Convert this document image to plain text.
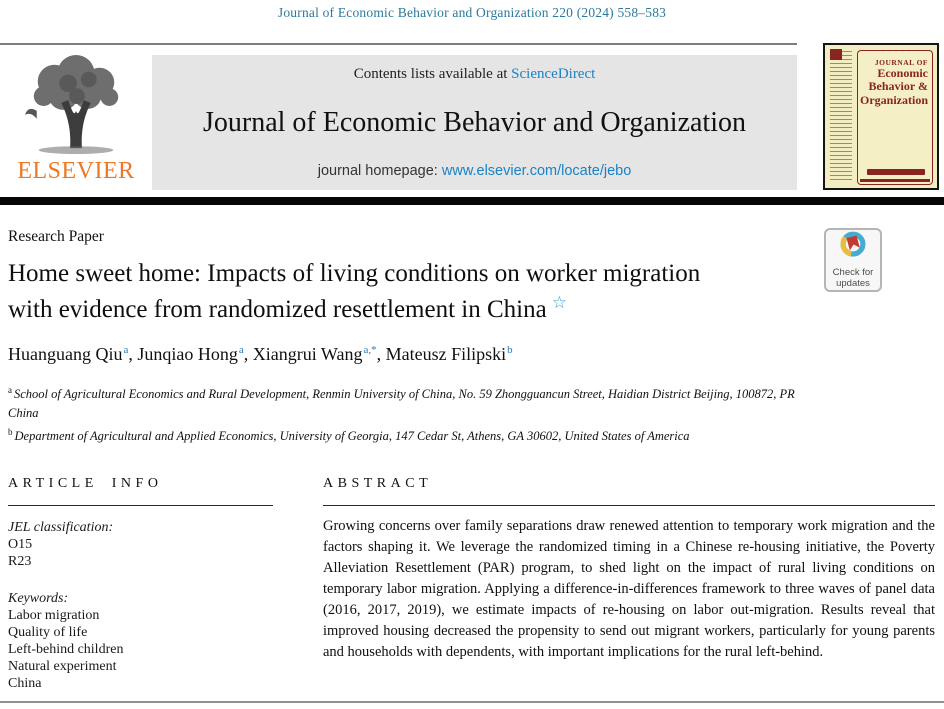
Journal of Economic Behavior and Organization 220 (2024) 558–583
ELSEVIER
Contents lists available at ScienceDirect
Journal of Economic Behavior and Organization
journal homepage: www.elsevier.com/locate/jebo
JOURNAL OF
Economic
Behavior &
Organization
Research Paper
Home sweet home: Impacts of living conditions on worker migration with evidence from randomized resettlement in China ☆
Huanguang Qiu$^a$, Junqiao Hong$^a$, Xiangrui Wang$^{a,*}$, Mateusz Filipski$^b$
$^a$ School of Agricultural Economics and Rural Development, Renmin University of China, No. 59 Zhongguancun Street, Haidian District Beijing, 100872, PR China
$^b$ Department of Agricultural and Applied Economics, University of Georgia, 147 Cedar St, Athens, GA 30602, United States of America
Check for
updates
ARTICLE INFO
JEL classification:
O15
R23
Keywords:
Labor migration
Quality of life
Left-behind children
Natural experiment
China
ABSTRACT
Growing concerns over family separations draw renewed attention to temporary work migration and the factors shaping it. We leverage the randomized timing in a Chinese re-housing initiative, the Poverty Alleviation Resettlement (PAR) program, to shed light on the impact of rural living conditions on temporary labor migration. Applying a difference-in-differences framework to three waves of panel data (2016, 2017, 2019), we estimate impacts of re-housing on labor out-migration. Results reveal that improved housing decreased the propensity to send out migrant workers, particularly for young parents and households with dependents, with important implications for the rural left-behind.
